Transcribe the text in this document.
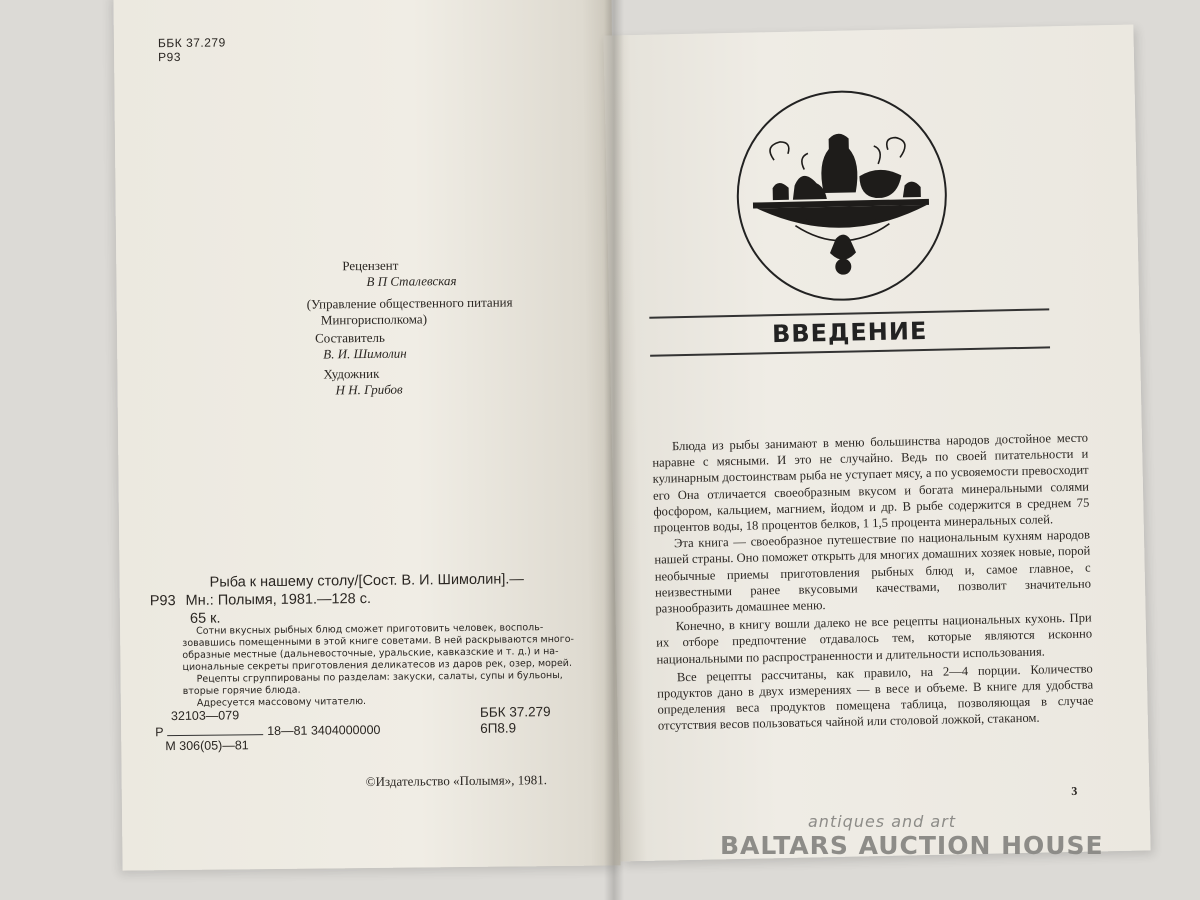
ББК 37.279
Р93
Рецензент
В П Сталевская
(Управление общественного питания
Мингорисполкома)
Составитель
В. И. Шимолин
Художник
Н Н. Грибов
Рыба к нашему столу/[Сост. В. И. Шимолин].—
Р93 Мн.: Полымя, 1981.—128 с.
65 к.
Сотни вкусных рыбных блюд сможет приготовить человек, восполь-
зовавшись помещенными в этой книге советами. В ней раскрываются много-
образные местные (дальневосточные, уральские, кавказские и т. д.) и на-
циональные секреты приготовления деликатесов из даров рек, озер, морей.
Рецепты сгруппированы по разделам: закуски, салаты, супы и бульоны,
вторые горячие блюда.
Адресуется массовому читателю.
32103—079
Р	18—81 3404000000
М 306(05)—81
ББК 37.279
6П8.9
©Издательство «Полымя», 1981.
ВВЕДЕНИЕ

Блюда из рыбы занимают в меню большинства народов достойное место наравне с мясными. И это не случайно. Ведь по своей питательности и кулинарным достоинствам рыба не уступает мясу, а по усвояемости превосходит его Она отличается своеобразным вкусом и богата минеральными солями фосфором, кальцием, магнием, йодом и др. В рыбе содержится в среднем 75 процентов воды, 18 процентов белков, 1 1,5 процента минеральных солей.

Эта книга — своеобразное путешествие по национальным кухням народов нашей страны. Оно поможет открыть для многих домашних хозяек новые, порой необычные приемы приготовления рыбных блюд и, самое главное, с неизвестными ранее вкусовыми качествами, позволит значительно разнообразить домашнее меню.

Конечно, в книгу вошли далеко не все рецепты национальных кухонь. При их отборе предпочтение отдавалось тем, которые являются исконно национальными по распространенности и длительности использования.

Все рецепты рассчитаны, как правило, на 2—4 порции. Количество продуктов дано в двух измерениях — в весе и объеме. В книге для удобства определения веса продуктов помещена таблица, позволяющая в случае отсутствия весов пользоваться чайной или столовой ложкой, стаканом.

3
antiques and art
BALTARS AUCTION HOUSE
